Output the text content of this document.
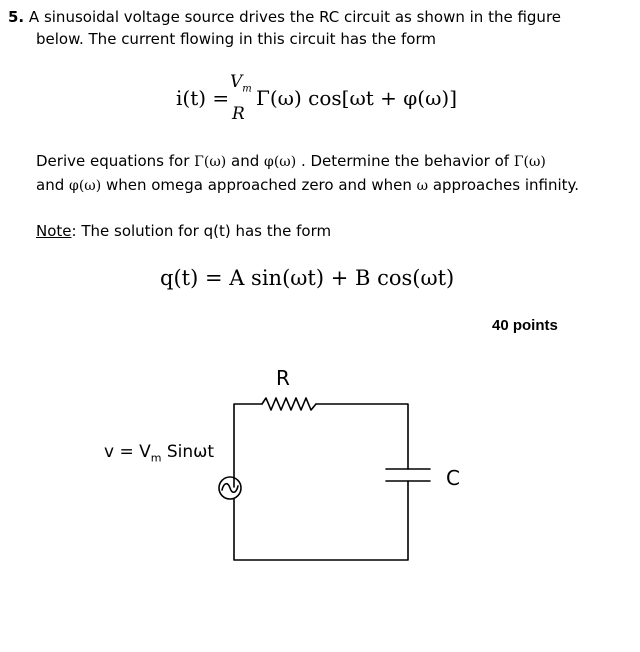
5. A sinusoidal voltage source drives the RC circuit as shown in the figure
below. The current flowing in this circuit has the form
i(t) =
$V_m$
R
Γ(ω) cos[ωt + φ(ω)]
Derive equations for Γ(ω) and φ(ω) . Determine the behavior of Γ(ω)
and φ(ω) when omega approached zero and when ω approaches infinity.
Note: The solution for q(t) has the form
q(t) = A sin(ωt) + B cos(ωt)
40 points
R
C
$v = V_m$ Sinωt
